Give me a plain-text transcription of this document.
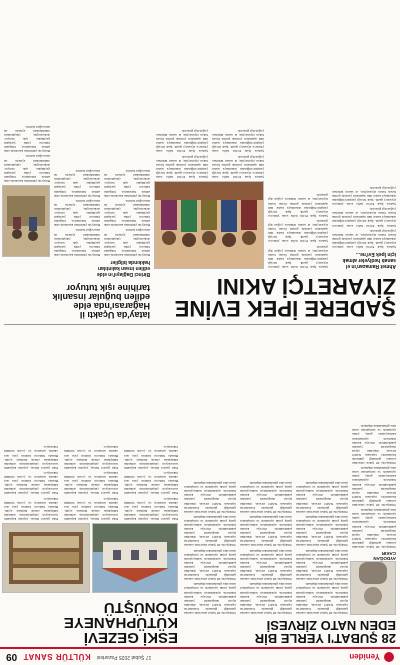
Yeniden
17 Şubat 2025 Pazartesi
KÜLTÜR SANAT
09
28 ŞUBAT'I YERLE BİR
EDEN NATO ZİRVESİ
AYDOĞAN
CAKIR

Türkiye'de 28 Şubat sürecinin sonuna gelindiği günlerde İstanbul'da toplanan NATO zirvesi, dönemin siyasi dengelerini yeniden şekillendirdi. Zirveye katılan liderlerin açıklamaları kamuoyunda geniş yankı uyandırdı ve tartışmalar uzun süre gündemden düşmedi.

Türkiye'de 28 Şubat sürecinin sonuna gelindiği günlerde İstanbul'da toplanan NATO zirvesi, dönemin siyasi dengelerini yeniden şekillendirdi. Zirveye katılan liderlerin açıklamaları kamuoyunda geniş yankı uyandırdı ve tartışmalar uzun süre gündemden düşmedi.

Türkiye'de 28 Şubat sürecinin sonuna gelindiği günlerde İstanbul'da toplanan NATO zirvesi, dönemin siyasi dengelerini yeniden şekillendirdi. Zirveye katılan liderlerin açıklamaları kamuoyunda geniş yankı uyandırdı ve tartışmalar uzun süre gündemden düşmedi.

Türkiye'de 28 Şubat sürecinin sonuna gelindiği günlerde İstanbul'da toplanan NATO zirvesi, dönemin siyasi dengelerini yeniden şekillendirdi. Zirveye katılan liderlerin açıklamaları kamuoyunda geniş yankı uyandırdı ve tartışmalar uzun süre gündemden düşmedi.

Türkiye'de 28 Şubat sürecinin sonuna gelindiği günlerde İstanbul'da toplanan NATO zirvesi, dönemin siyasi dengelerini yeniden şekillendirdi. Zirveye katılan liderlerin açıklamaları kamuoyunda geniş yankı uyandırdı ve tartışmalar uzun süre gündemden düşmedi.

Türkiye'de 28 Şubat sürecinin sonuna gelindiği günlerde İstanbul'da toplanan NATO zirvesi, dönemin siyasi dengelerini yeniden şekillendirdi. Zirveye katılan liderlerin açıklamaları kamuoyunda geniş yankı uyandırdı ve tartışmalar uzun süre gündemden düşmedi.

Türkiye'de 28 Şubat sürecinin sonuna gelindiği günlerde İstanbul'da toplanan NATO zirvesi, dönemin siyasi dengelerini yeniden şekillendirdi. Zirveye katılan liderlerin açıklamaları kamuoyunda geniş yankı uyandırdı ve tartışmalar uzun süre gündemden düşmedi.

Türkiye'de 28 Şubat sürecinin sonuna gelindiği günlerde İstanbul'da toplanan NATO zirvesi, dönemin siyasi dengelerini yeniden şekillendirdi. Zirveye katılan liderlerin açıklamaları kamuoyunda geniş yankı uyandırdı ve tartışmalar uzun süre gündemden düşmedi.

Türkiye'de 28 Şubat sürecinin sonuna gelindiği günlerde İstanbul'da toplanan NATO zirvesi, dönemin siyasi dengelerini yeniden şekillendirdi. Zirveye katılan liderlerin açıklamaları kamuoyunda geniş yankı uyandırdı ve tartışmalar uzun süre gündemden düşmedi.

Türkiye'de 28 Şubat sürecinin sonuna gelindiği günlerde İstanbul'da toplanan NATO zirvesi, dönemin siyasi dengelerini yeniden şekillendirdi. Zirveye katılan liderlerin açıklamaları kamuoyunda geniş yankı uyandırdı ve tartışmalar uzun süre gündemden düşmedi.

Türkiye'de 28 Şubat sürecinin sonuna gelindiği günlerde İstanbul'da toplanan NATO zirvesi, dönemin siyasi dengelerini yeniden şekillendirdi. Zirveye katılan liderlerin açıklamaları kamuoyunda geniş yankı uyandırdı ve tartışmalar uzun süre gündemden düşmedi.

Türkiye'de 28 Şubat sürecinin sonuna gelindiği günlerde İstanbul'da toplanan NATO zirvesi, dönemin siyasi dengelerini yeniden şekillendirdi. Zirveye katılan liderlerin açıklamaları kamuoyunda geniş yankı uyandırdı ve tartışmalar uzun süre gündemden düşmedi.

Türkiye'de 28 Şubat sürecinin sonuna gelindiği günlerde İstanbul'da toplanan NATO zirvesi, dönemin siyasi dengelerini yeniden şekillendirdi. Zirveye katılan liderlerin açıklamaları kamuoyunda geniş yankı uyandırdı ve tartışmalar uzun süre gündemden düşmedi.

Türkiye'de 28 Şubat sürecinin sonuna gelindiği günlerde İstanbul'da toplanan NATO zirvesi, dönemin siyasi dengelerini yeniden şekillendirdi. Zirveye katılan liderlerin açıklamaları kamuoyunda geniş yankı uyandırdı ve tartışmalar uzun süre gündemden düşmedi.

Türkiye'de 28 Şubat sürecinin sonuna gelindiği günlerde İstanbul'da toplanan NATO zirvesi, dönemin siyasi dengelerini yeniden şekillendirdi. Zirveye katılan liderlerin açıklamaları kamuoyunda geniş yankı uyandırdı ve tartışmalar uzun süre gündemden düşmedi.

ESKİ GEZEVİ
KÜTÜPHANEYE
DÖNÜŞTÜ

Eski gezevi binası, yapılan kapsamlı restorasyon çalışmalarının ardından kütüphane olarak hizmete açıldı. Binada binlerce kitabın yanı sıra okuma salonları ve çocuk bölümü bulunuyor.

Eski gezevi binası, yapılan kapsamlı restorasyon çalışmalarının ardından kütüphane olarak hizmete açıldı. Binada binlerce kitabın yanı sıra okuma salonları ve çocuk bölümü bulunuyor.

Eski gezevi binası, yapılan kapsamlı restorasyon çalışmalarının ardından kütüphane olarak hizmete açıldı. Binada binlerce kitabın yanı sıra okuma salonları ve çocuk bölümü bulunuyor.

Eski gezevi binası, yapılan kapsamlı restorasyon çalışmalarının ardından kütüphane olarak hizmete açıldı. Binada binlerce kitabın yanı sıra okuma salonları ve çocuk bölümü bulunuyor.

Eski gezevi binası, yapılan kapsamlı restorasyon çalışmalarının ardından kütüphane olarak hizmete açıldı. Binada binlerce kitabın yanı sıra okuma salonları ve çocuk bölümü bulunuyor.

Eski gezevi binası, yapılan kapsamlı restorasyon çalışmalarının ardından kütüphane olarak hizmete açıldı. Binada binlerce kitabın yanı sıra okuma salonları ve çocuk bölümü bulunuyor.

Eski gezevi binası, yapılan kapsamlı restorasyon çalışmalarının ardından kütüphane olarak hizmete açıldı. Binada binlerce kitabın yanı sıra okuma salonları ve çocuk bölümü bulunuyor.

Eski gezevi binası, yapılan kapsamlı restorasyon çalışmalarının ardından kütüphane olarak hizmete açıldı. Binada binlerce kitabın yanı sıra okuma salonları ve çocuk bölümü bulunuyor.

Eski gezevi binası, yapılan kapsamlı restorasyon çalışmalarının ardından kütüphane olarak hizmete açıldı. Binada binlerce kitabın yanı sıra okuma salonları ve çocuk bölümü bulunuyor.

ŞADERE İPEK EVİNE
ZİYARETÇİ AKINI
Ahmet Ramazan'ın el
sanatı hediyeler almak
için İpek Evi'ne...

Şadere İpek Evi'ni hafta sonu yüzlerce ziyaretçi gezdi. İpek böceği yetiştiriciliğinden dokumaya kadar tüm aşamaları yerinde görme fırsatı bulan ziyaretçiler, el sanatı ürünlere yoğun ilgi gösterdi.

Şadere İpek Evi'ni hafta sonu yüzlerce ziyaretçi gezdi. İpek böceği yetiştiriciliğinden dokumaya kadar tüm aşamaları yerinde görme fırsatı bulan ziyaretçiler, el sanatı ürünlere yoğun ilgi gösterdi.

Şadere İpek Evi'ni hafta sonu yüzlerce ziyaretçi gezdi. İpek böceği yetiştiriciliğinden dokumaya kadar tüm aşamaları yerinde görme fırsatı bulan ziyaretçiler, el sanatı ürünlere yoğun ilgi gösterdi.

Şadere İpek Evi'ni hafta sonu yüzlerce ziyaretçi gezdi. İpek böceği yetiştiriciliğinden dokumaya kadar tüm aşamaları yerinde görme fırsatı bulan ziyaretçiler, el sanatı ürünlere yoğun ilgi gösterdi.

Şadere İpek Evi'ni hafta sonu yüzlerce ziyaretçi gezdi. İpek böceği yetiştiriciliğinden dokumaya kadar tüm aşamaları yerinde görme fırsatı bulan ziyaretçiler, el sanatı ürünlere yoğun ilgi gösterdi.

Şadere İpek Evi'ni hafta sonu yüzlerce ziyaretçi gezdi. İpek böceği yetiştiriciliğinden dokumaya kadar tüm aşamaları yerinde görme fırsatı bulan ziyaretçiler, el sanatı ürünlere yoğun ilgi gösterdi.

Şadere İpek Evi'ni hafta sonu yüzlerce ziyaretçi gezdi. İpek böceği yetiştiriciliğinden dokumaya kadar tüm aşamaları yerinde görme fırsatı bulan ziyaretçiler, el sanatı ürünlere yoğun ilgi gösterdi.

Şadere İpek Evi'ni hafta sonu yüzlerce ziyaretçi gezdi. İpek böceği yetiştiriciliğinden dokumaya kadar tüm aşamaları yerinde görme fırsatı bulan ziyaretçiler, el sanatı ürünlere yoğun ilgi gösterdi.

Şadere İpek Evi'ni hafta sonu yüzlerce ziyaretçi gezdi. İpek böceği yetiştiriciliğinden dokumaya kadar tüm aşamaları yerinde görme fırsatı bulan ziyaretçiler, el sanatı ürünlere yoğun ilgi gösterdi.

Şadere İpek Evi'ni hafta sonu yüzlerce ziyaretçi gezdi. İpek böceği yetiştiriciliğinden dokumaya kadar tüm aşamaları yerinde görme fırsatı bulan ziyaretçiler, el sanatı ürünlere yoğun ilgi gösterdi.

Iatay'da Uçaktı il
Hağarası'nda elde
edilen buğular insanlık
tarihine ışık tutuyor
Birinci Dağlayıl'ın elde
edilen insan kalıntıları
hakkında bilgiler

Hatay'da yürütülen kazılarda elde edilen buluntular, bölgenin binlerce yıllık yerleşim geçmişine ışık tutuyor. Arkeologlar, çalışmaların önümüzdeki aylarda da süreceğini belirtti.

Hatay'da yürütülen kazılarda elde edilen buluntular, bölgenin binlerce yıllık yerleşim geçmişine ışık tutuyor. Arkeologlar, çalışmaların önümüzdeki aylarda da süreceğini belirtti.

Hatay'da yürütülen kazılarda elde edilen buluntular, bölgenin binlerce yıllık yerleşim geçmişine ışık tutuyor. Arkeologlar, çalışmaların önümüzdeki aylarda da süreceğini belirtti.

Hatay'da yürütülen kazılarda elde edilen buluntular, bölgenin binlerce yıllık yerleşim geçmişine ışık tutuyor. Arkeologlar, çalışmaların önümüzdeki aylarda da süreceğini belirtti.

Hatay'da yürütülen kazılarda elde edilen buluntular, bölgenin binlerce yıllık yerleşim geçmişine ışık tutuyor. Arkeologlar, çalışmaların önümüzdeki aylarda da süreceğini belirtti.

Hatay'da yürütülen kazılarda elde edilen buluntular, bölgenin binlerce yıllık yerleşim geçmişine ışık tutuyor. Arkeologlar, çalışmaların önümüzdeki aylarda da süreceğini belirtti.

Hatay'da yürütülen kazılarda elde edilen buluntular, bölgenin binlerce yıllık yerleşim geçmişine ışık tutuyor. Arkeologlar, çalışmaların önümüzdeki aylarda da süreceğini belirtti.

Hatay'da yürütülen kazılarda elde edilen buluntular, bölgenin binlerce yıllık yerleşim geçmişine ışık tutuyor. Arkeologlar, çalışmaların önümüzdeki aylarda da süreceğini belirtti.
